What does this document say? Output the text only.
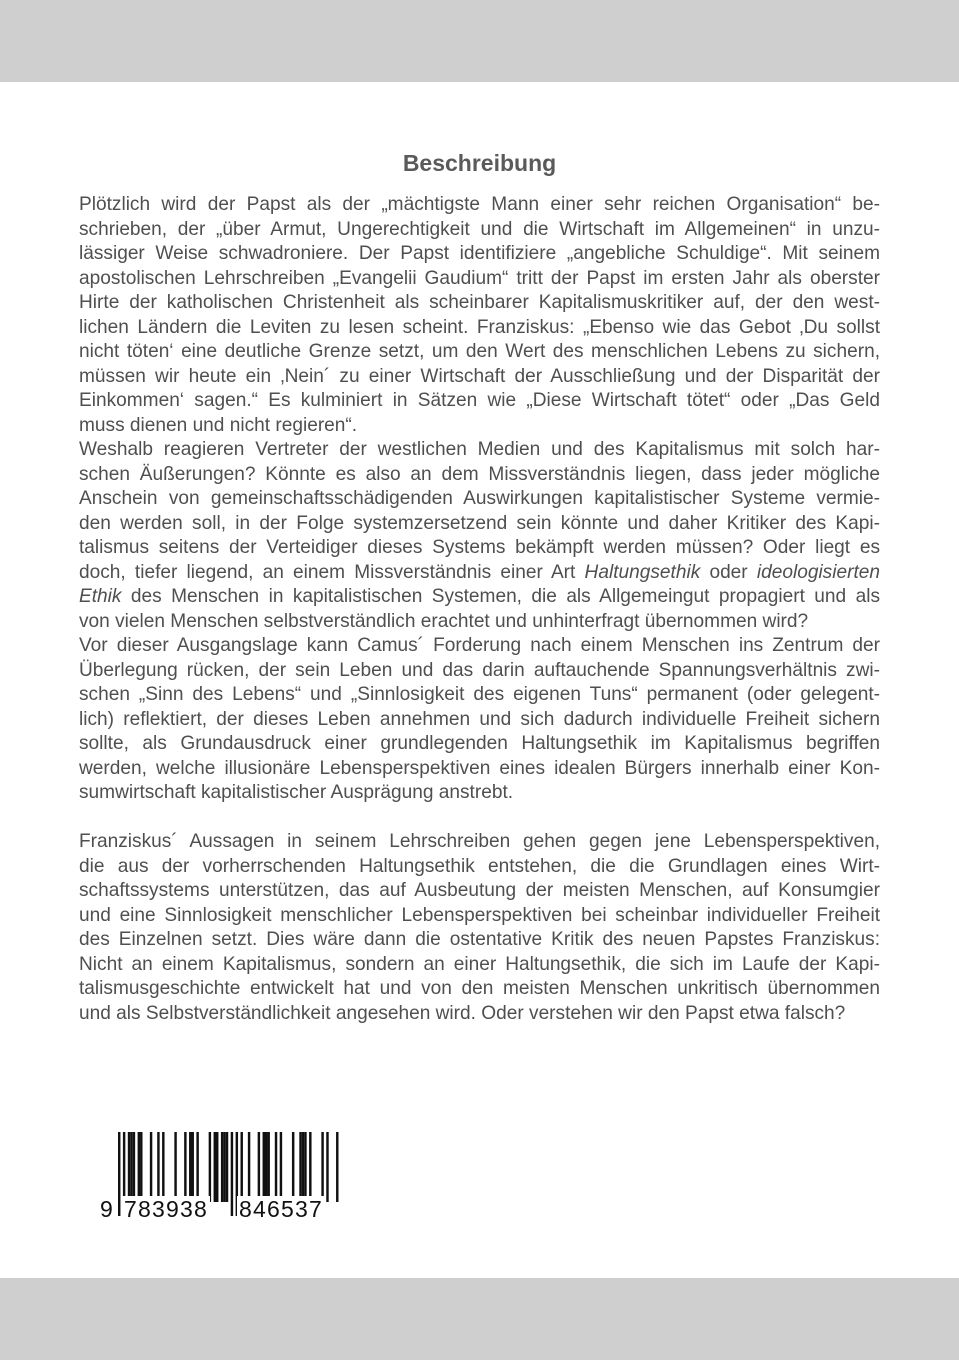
Beschreibung
Plötzlich wird der Papst als der „mächtigste Mann einer sehr reichen Organisation“ be-
schrieben, der „über Armut, Ungerechtigkeit und die Wirtschaft im Allgemeinen“ in unzu-
lässiger Weise schwadroniere. Der Papst identifiziere „angebliche Schuldige“. Mit seinem
apostolischen Lehrschreiben „Evangelii Gaudium“ tritt der Papst im ersten Jahr als oberster
Hirte der katholischen Christenheit als scheinbarer Kapitalismuskritiker auf, der den west-
lichen Ländern die Leviten zu lesen scheint. Franziskus: „Ebenso wie das Gebot ‚Du sollst
nicht töten‘ eine deutliche Grenze setzt, um den Wert des menschlichen Lebens zu sichern,
müssen wir heute ein ‚Nein´ zu einer Wirtschaft der Ausschließung und der Disparität der
Einkommen‘ sagen.“ Es kulminiert in Sätzen wie „Diese Wirtschaft tötet“ oder „Das Geld
muss dienen und nicht regieren“.
Weshalb reagieren Vertreter der westlichen Medien und des Kapitalismus mit solch har-
schen Äußerungen? Könnte es also an dem Missverständnis liegen, dass jeder mögliche
Anschein von gemeinschaftsschädigenden Auswirkungen kapitalistischer Systeme vermie-
den werden soll, in der Folge systemzersetzend sein könnte und daher Kritiker des Kapi-
talismus seitens der Verteidiger dieses Systems bekämpft werden müssen? Oder liegt es
doch, tiefer liegend, an einem Missverständnis einer Art Haltungsethik oder ideologisierten
Ethik des Menschen in kapitalistischen Systemen, die als Allgemeingut propagiert und als
von vielen Menschen selbstverständlich erachtet und unhinterfragt übernommen wird?
Vor dieser Ausgangslage kann Camus´ Forderung nach einem Menschen ins Zentrum der
Überlegung rücken, der sein Leben und das darin auftauchende Spannungsverhältnis zwi-
schen „Sinn des Lebens“ und „Sinnlosigkeit des eigenen Tuns“ permanent (oder gelegent-
lich) reflektiert, der dieses Leben annehmen und sich dadurch individuelle Freiheit sichern
sollte, als Grundausdruck einer grundlegenden Haltungsethik im Kapitalismus begriffen
werden, welche illusionäre Lebensperspektiven eines idealen Bürgers innerhalb einer Kon-
sumwirtschaft kapitalistischer Ausprägung anstrebt.
Franziskus´ Aussagen in seinem Lehrschreiben gehen gegen jene Lebensperspektiven,
die aus der vorherrschenden Haltungsethik entstehen, die die Grundlagen eines Wirt-
schaftssystems unterstützen, das auf Ausbeutung der meisten Menschen, auf Konsumgier
und eine Sinnlosigkeit menschlicher Lebensperspektiven bei scheinbar individueller Freiheit
des Einzelnen setzt. Dies wäre dann die ostentative Kritik des neuen Papstes Franziskus:
Nicht an einem Kapitalismus, sondern an einer Haltungsethik, die sich im Laufe der Kapi-
talismusgeschichte entwickelt hat und von den meisten Menschen unkritisch übernommen
und als Selbstverständlichkeit angesehen wird. Oder verstehen wir den Papst etwa falsch?
9 783938 846537
